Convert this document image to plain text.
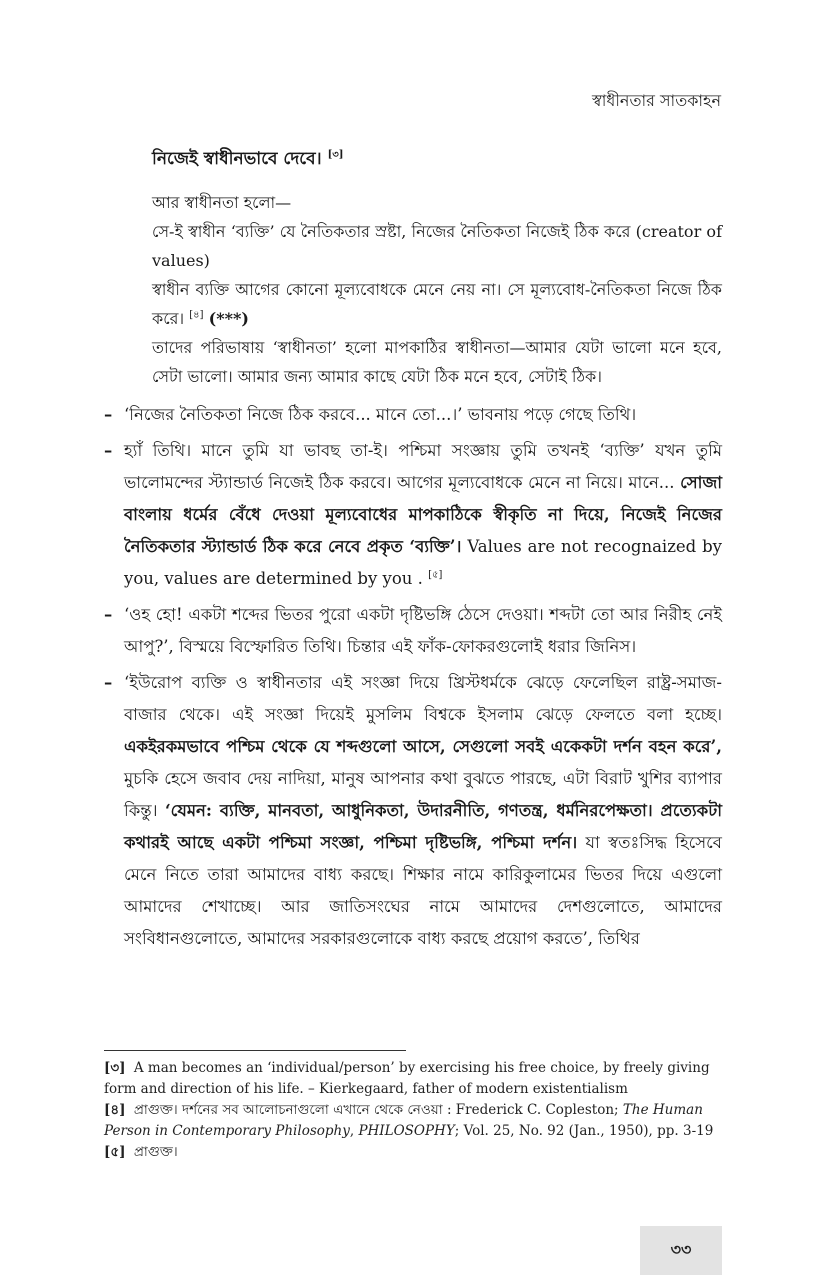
স্বাধীনতার সাতকাহন
নিজেই স্বাধীনভাবে দেবে। [৩]
আর স্বাধীনতা হলো—
সে-ই স্বাধীন ‘ব্যক্তি’ যে নৈতিকতার স্রষ্টা, নিজের নৈতিকতা নিজেই ঠিক করে (creator of values)
স্বাধীন ব্যক্তি আগের কোনো মূল্যবোধকে মেনে নেয় না। সে মূল্যবোধ-নৈতিকতা নিজে ঠিক করে। [৪] (***)
তাদের পরিভাষায় ‘স্বাধীনতা’ হলো মাপকাঠির স্বাধীনতা—আমার যেটা ভালো মনে হবে, সেটা ভালো। আমার জন্য আমার কাছে যেটা ঠিক মনে হবে, সেটাই ঠিক।
– ‘নিজের নৈতিকতা নিজে ঠিক করবে... মানে তো...।’ ভাবনায় পড়ে গেছে তিথি।
– হ্যাঁ তিথি। মানে তুমি যা ভাবছ তা-ই। পশ্চিমা সংজ্ঞায় তুমি তখনই ‘ব্যক্তি’ যখন তুমি ভালোমন্দের স্ট্যান্ডার্ড নিজেই ঠিক করবে। আগের মূল্যবোধকে মেনে না নিয়ে। মানে... সোজা বাংলায় ধর্মের বেঁধে দেওয়া মূল্যবোধের মাপকাঠিকে স্বীকৃতি না দিয়ে, নিজেই নিজের নৈতিকতার স্ট্যান্ডার্ড ঠিক করে নেবে প্রকৃত ‘ব্যক্তি’। Values are not recognaized by you, values are determined by you . [৫]
– ‘ওহ হো! একটা শব্দের ভিতর পুরো একটা দৃষ্টিভঙ্গি ঠেসে দেওয়া। শব্দটা তো আর নিরীহ নেই আপু?’, বিস্ময়ে বিস্ফোরিত তিথি। চিন্তার এই ফাঁক-ফোকরগুলোই ধরার জিনিস।
– ‘ইউরোপ ব্যক্তি ও স্বাধীনতার এই সংজ্ঞা দিয়ে খ্রিস্টধর্মকে ঝেড়ে ফেলেছিল রাষ্ট্র-সমাজ-বাজার থেকে। এই সংজ্ঞা দিয়েই মুসলিম বিশ্বকে ইসলাম ঝেড়ে ফেলতে বলা হচ্ছে। একইরকমভাবে পশ্চিম থেকে যে শব্দগুলো আসে, সেগুলো সবই একেকটা দর্শন বহন করে’, মুচকি হেসে জবাব দেয় নাদিয়া, মানুষ আপনার কথা বুঝতে পারছে, এটা বিরাট খুশির ব্যাপার কিন্তু। ‘যেমন: ব্যক্তি, মানবতা, আধুনিকতা, উদারনীতি, গণতন্ত্র, ধর্মনিরপেক্ষতা। প্রত্যেকটা কথারই আছে একটা পশ্চিমা সংজ্ঞা, পশ্চিমা দৃষ্টিভঙ্গি, পশ্চিমা দর্শন। যা স্বতঃসিদ্ধ হিসেবে মেনে নিতে তারা আমাদের বাধ্য করছে। শিক্ষার নামে কারিকুলামের ভিতর দিয়ে এগুলো আমাদের শেখাচ্ছে। আর জাতিসংঘের নামে আমাদের দেশগুলোতে, আমাদের সংবিধানগুলোতে, আমাদের সরকারগুলোকে বাধ্য করছে প্রয়োগ করতে’, তিথির
[৩] A man becomes an ‘individual/person’ by exercising his free choice, by freely giving form and direction of his life. – Kierkegaard, father of modern existentialism
[৪] প্রাগুক্ত। দর্শনের সব আলোচনাগুলো এখানে থেকে নেওয়া : Frederick C. Copleston; The Human Person in Contemporary Philosophy, PHILOSOPHY; Vol. 25, No. 92 (Jan., 1950), pp. 3-19
[৫] প্রাগুক্ত।
৩৩
